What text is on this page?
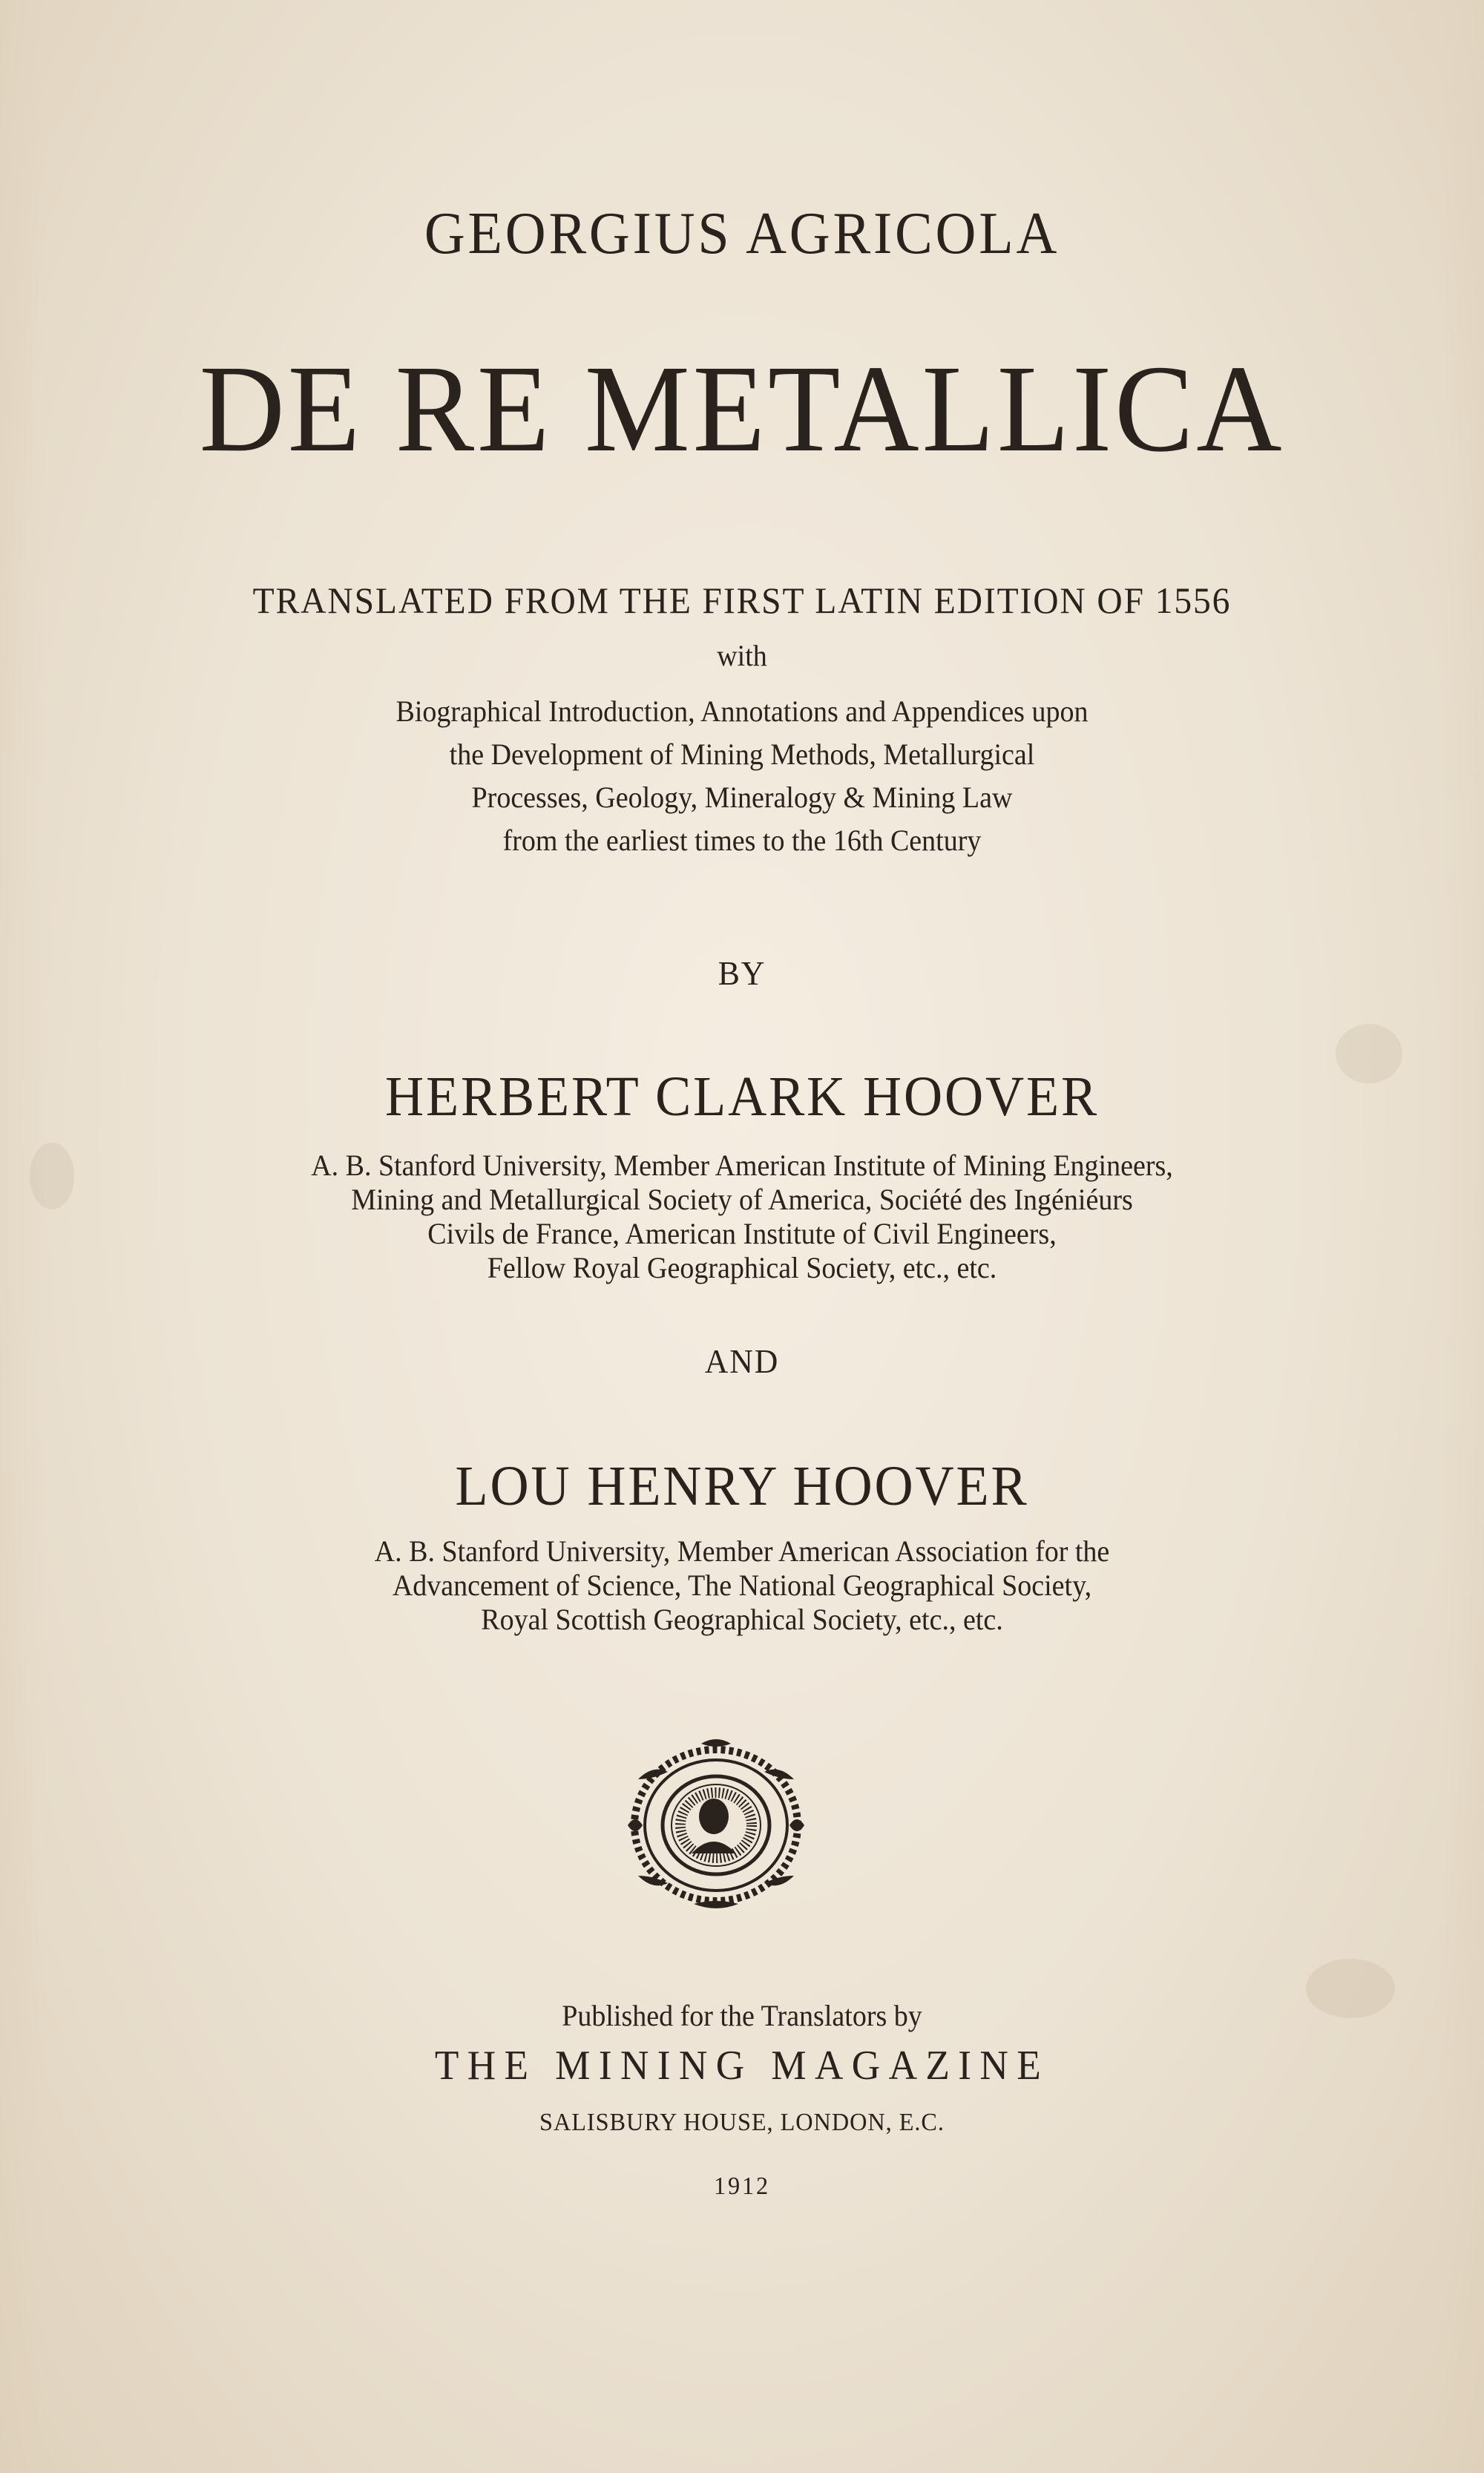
GEORGIUS AGRICOLA
DE RE METALLICA
TRANSLATED FROM THE FIRST LATIN EDITION OF 1556
with
Biographical Introduction, Annotations and Appendices upon
the Development of Mining Methods, Metallurgical
Processes, Geology, Mineralogy & Mining Law
from the earliest times to the 16th Century
BY
HERBERT CLARK HOOVER
A. B. Stanford University, Member American Institute of Mining Engineers,
Mining and Metallurgical Society of America, Société des Ingéniéurs
Civils de France, American Institute of Civil Engineers,
Fellow Royal Geographical Society, etc., etc.
AND
LOU HENRY HOOVER
A. B. Stanford University, Member American Association for the
Advancement of Science, The National Geographical Society,
Royal Scottish Geographical Society, etc., etc.
Published for the Translators by
THE MINING MAGAZINE
SALISBURY HOUSE, LONDON, E.C.
1912
